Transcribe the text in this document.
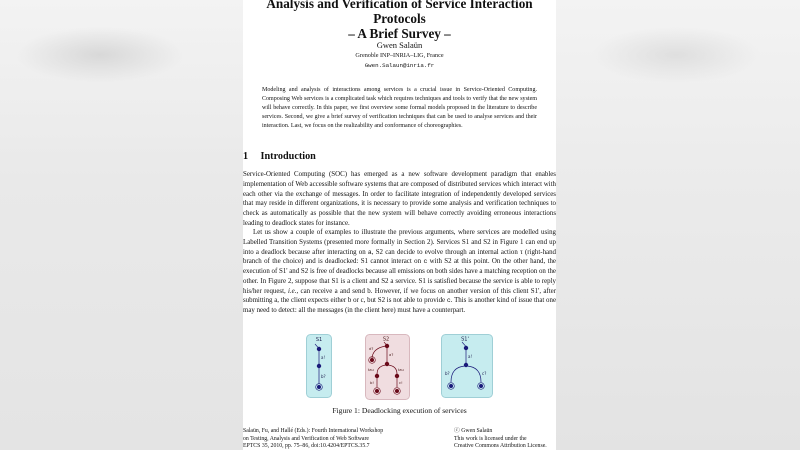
Analysis and Verification of Service Interaction Protocols
– A Brief Survey –
Gwen Salaün
Grenoble INP–INRIA–LIG, France
Gwen.Salaun@inria.fr
Modeling and analysis of interactions among services is a crucial issue in Service-Oriented Computing. Composing Web services is a complicated task which requires techniques and tools to verify that the new system will behave correctly. In this paper, we first overview some formal models proposed in the literature to describe services. Second, we give a brief survey of verification techniques that can be used to analyse services and their interaction. Last, we focus on the realizability and conformance of choreographies.
1 Introduction
Service-Oriented Computing (SOC) has emerged as a new software development paradigm that enables implementation of Web accessible software systems that are composed of distributed services which interact with each other via the exchange of messages. In order to facilitate integration of independently developed services that may reside in different organizations, it is necessary to provide some analysis and verification techniques to check as automatically as possible that the new system will behave correctly avoiding erroneous interactions leading to deadlock states for instance.
Let us show a couple of examples to illustrate the previous arguments, where services are modelled using Labelled Transition Systems (presented more formally in Section 2). Services S1 and S2 in Figure 1 can end up into a deadlock because after interacting on a, S2 can decide to evolve through an internal action τ (right-hand branch of the choice) and is deadlocked: S1 cannot interact on c with S2 at this point. On the other hand, the execution of S1' and S2 is free of deadlocks because all emissions on both sides have a matching reception on the other. In Figure 2, suppose that S1 is a client and S2 a service. S1 is satisfied because the service is able to reply his/her request, i.e., can receive a and send b. However, if we focus on another version of this client S1', after submitting a, the client expects either b or c, but S2 is not able to provide c. This is another kind of issue that one may need to detect: all the messages (in the client here) must have a counterpart.
S1
a!
b?
S2
d?
a?
tau	tau
b!	c!
S1'
a!
b?	c?
Figure 1: Deadlocking execution of services
Salaün, Fu, and Hallé (Eds.): Fourth International Workshop
on Testing, Analysis and Verification of Web Software
EPTCS 35, 2010, pp. 75–86, doi:10.4204/EPTCS.35.7
ⓒ Gwen Salaün
This work is licensed under the
Creative Commons Attribution License.
